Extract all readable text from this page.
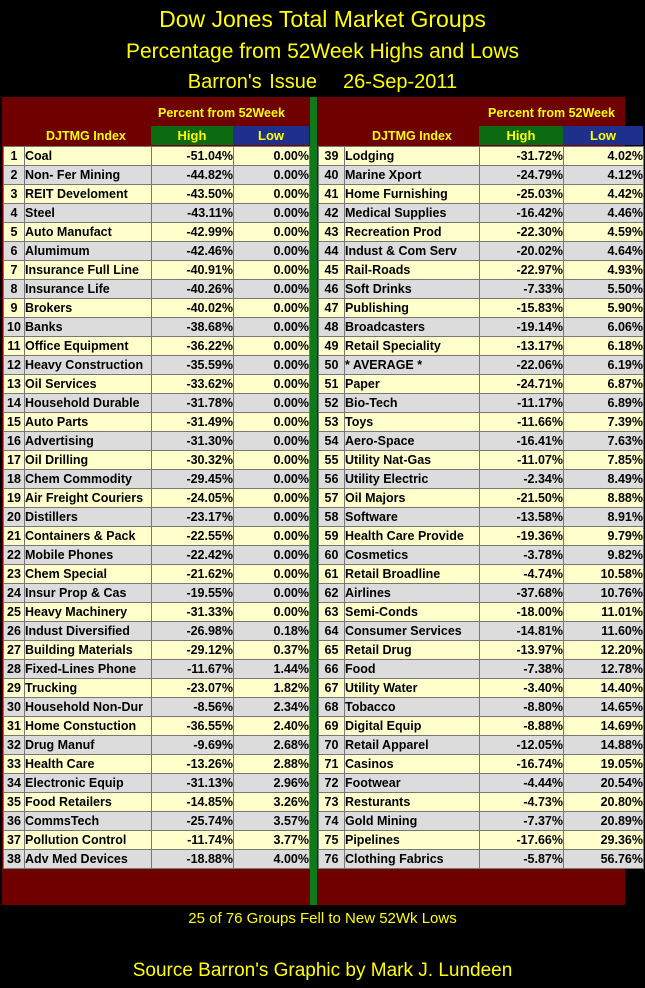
Dow Jones Total Market Groups
Percentage from 52Week Highs and Lows
Barron's Issue 26-Sep-2011
Percent from 52Week
DJTMG Index	High	Low
Percent from 52Week
DJTMG Index	High	Low
1	Coal	-51.04%	0.00%
2	Non- Fer Mining	-44.82%	0.00%
3	REIT Develoment	-43.50%	0.00%
4	Steel	-43.11%	0.00%
5	Auto Manufact	-42.99%	0.00%
6	Alumimum	-42.46%	0.00%
7	Insurance Full Line	-40.91%	0.00%
8	Insurance Life	-40.26%	0.00%
9	Brokers	-40.02%	0.00%
10	Banks	-38.68%	0.00%
11	Office Equipment	-36.22%	0.00%
12	Heavy Construction	-35.59%	0.00%
13	Oil Services	-33.62%	0.00%
14	Household Durable	-31.78%	0.00%
15	Auto Parts	-31.49%	0.00%
16	Advertising	-31.30%	0.00%
17	Oil Drilling	-30.32%	0.00%
18	Chem Commodity	-29.45%	0.00%
19	Air Freight Couriers	-24.05%	0.00%
20	Distillers	-23.17%	0.00%
21	Containers & Pack	-22.55%	0.00%
22	Mobile Phones	-22.42%	0.00%
23	Chem Special	-21.62%	0.00%
24	Insur Prop & Cas	-19.55%	0.00%
25	Heavy Machinery	-31.33%	0.00%
26	Indust Diversified	-26.98%	0.18%
27	Building Materials	-29.12%	0.37%
28	Fixed-Lines Phone	-11.67%	1.44%
29	Trucking	-23.07%	1.82%
30	Household Non-Dur	-8.56%	2.34%
31	Home Constuction	-36.55%	2.40%
32	Drug Manuf	-9.69%	2.68%
33	Health Care	-13.26%	2.88%
34	Electronic Equip	-31.13%	2.96%
35	Food Retailers	-14.85%	3.26%
36	CommsTech	-25.74%	3.57%
37	Pollution Control	-11.74%	3.77%
38	Adv Med Devices	-18.88%	4.00%
39	Lodging	-31.72%	4.02%
40	Marine Xport	-24.79%	4.12%
41	Home Furnishing	-25.03%	4.42%
42	Medical Supplies	-16.42%	4.46%
43	Recreation Prod	-22.30%	4.59%
44	Indust & Com Serv	-20.02%	4.64%
45	Rail-Roads	-22.97%	4.93%
46	Soft Drinks	-7.33%	5.50%
47	Publishing	-15.83%	5.90%
48	Broadcasters	-19.14%	6.06%
49	Retail Speciality	-13.17%	6.18%
50	* AVERAGE *	-22.06%	6.19%
51	Paper	-24.71%	6.87%
52	Bio-Tech	-11.17%	6.89%
53	Toys	-11.66%	7.39%
54	Aero-Space	-16.41%	7.63%
55	Utility Nat-Gas	-11.07%	7.85%
56	Utility Electric	-2.34%	8.49%
57	Oil Majors	-21.50%	8.88%
58	Software	-13.58%	8.91%
59	Health Care Provide	-19.36%	9.79%
60	Cosmetics	-3.78%	9.82%
61	Retail Broadline	-4.74%	10.58%
62	Airlines	-37.68%	10.76%
63	Semi-Conds	-18.00%	11.01%
64	Consumer Services	-14.81%	11.60%
65	Retail Drug	-13.97%	12.20%
66	Food	-7.38%	12.78%
67	Utility Water	-3.40%	14.40%
68	Tobacco	-8.80%	14.65%
69	Digital Equip	-8.88%	14.69%
70	Retail Apparel	-12.05%	14.88%
71	Casinos	-16.74%	19.05%
72	Footwear	-4.44%	20.54%
73	Resturants	-4.73%	20.80%
74	Gold Mining	-7.37%	20.89%
75	Pipelines	-17.66%	29.36%
76	Clothing Fabrics	-5.87%	56.76%
25 of 76 Groups Fell to New 52Wk Lows
Source Barron's Graphic by Mark J. Lundeen
